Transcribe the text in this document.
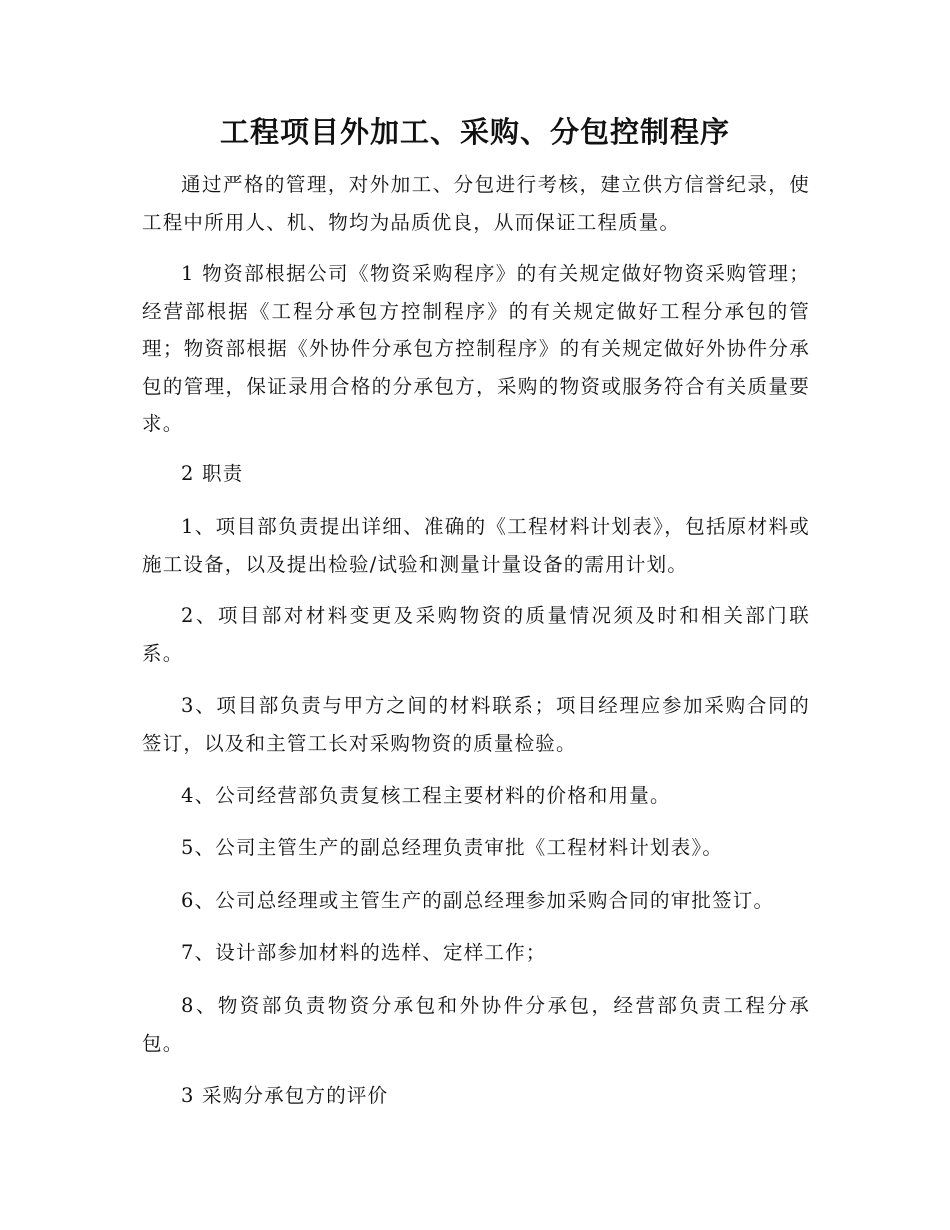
工程项目外加工、采购、分包控制程序

通过严格的管理，对外加工、分包进行考核，建立供方信誉纪录，使工程中所用人、机、物均为品质优良，从而保证工程质量。

1 物资部根据公司《物资采购程序》的有关规定做好物资采购管理；经营部根据《工程分承包方控制程序》的有关规定做好工程分承包的管理；物资部根据《外协件分承包方控制程序》的有关规定做好外协件分承包的管理，保证录用合格的分承包方，采购的物资或服务符合有关质量要求。

2 职责

1、项目部负责提出详细、准确的《工程材料计划表》，包括原材料或施工设备，以及提出检验/试验和测量计量设备的需用计划。

2、项目部对材料变更及采购物资的质量情况须及时和相关部门联系。

3、项目部负责与甲方之间的材料联系；项目经理应参加采购合同的签订，以及和主管工长对采购物资的质量检验。

4、公司经营部负责复核工程主要材料的价格和用量。

5、公司主管生产的副总经理负责审批《工程材料计划表》。

6、公司总经理或主管生产的副总经理参加采购合同的审批签订。

7、设计部参加材料的选样、定样工作；

8、物资部负责物资分承包和外协件分承包，经营部负责工程分承包。

3 采购分承包方的评价
